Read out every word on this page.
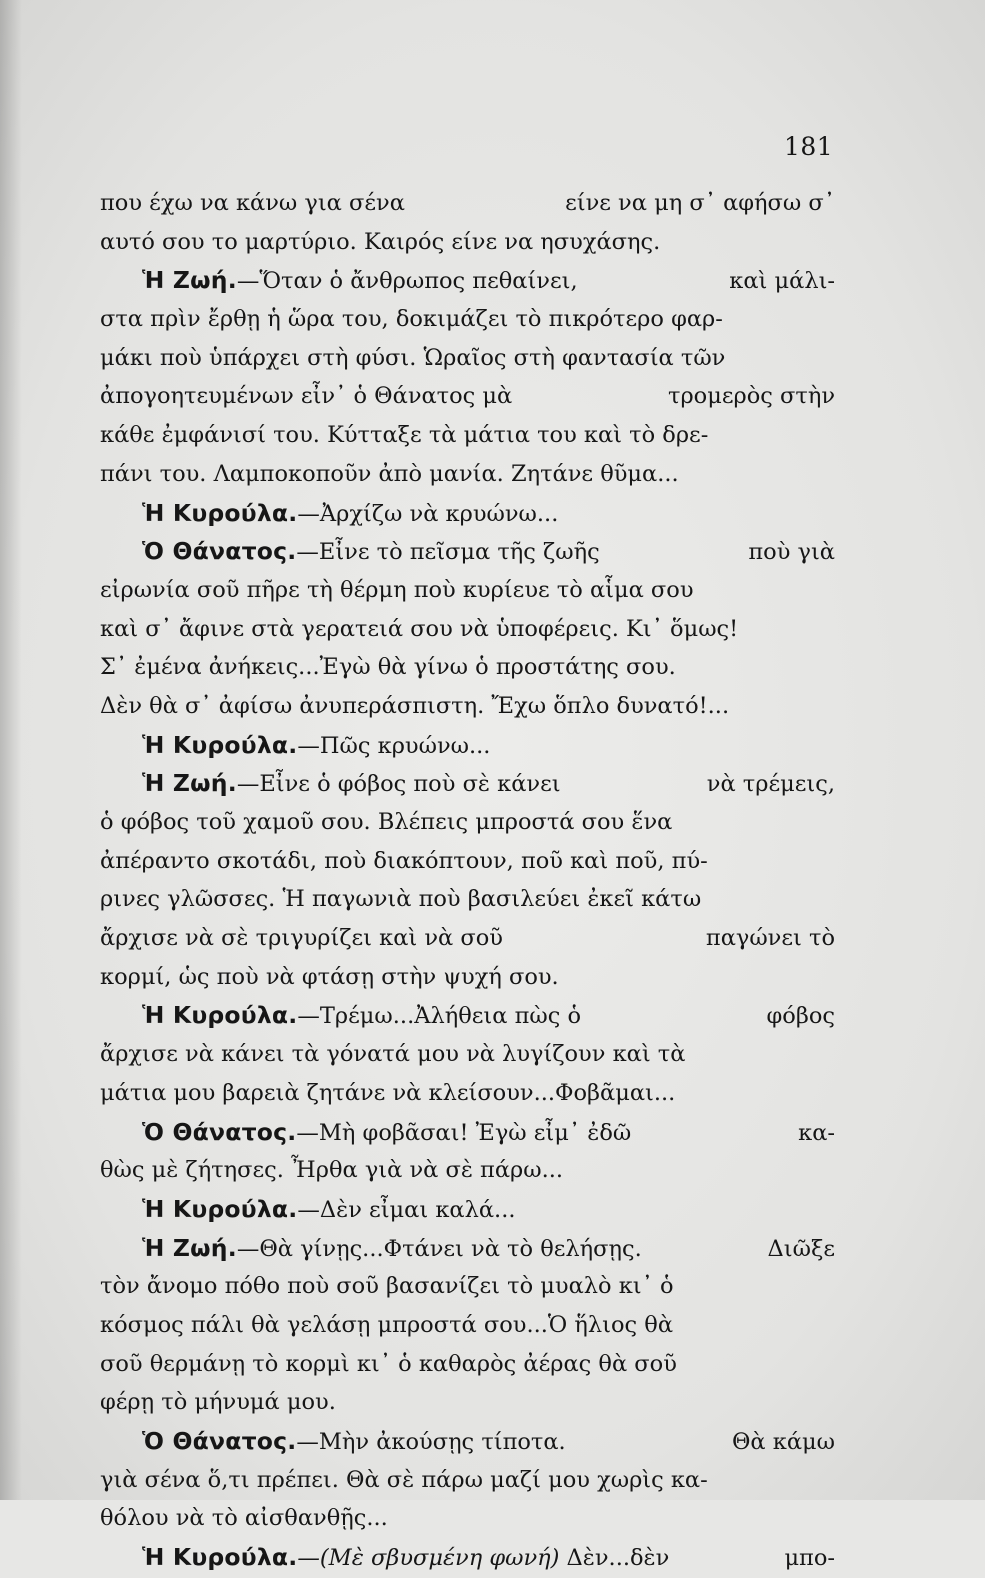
181
που έχω να κάνω για σένα	είνε να μη σ᾽ αφήσω σ᾽
αυτό σου το μαρτύριο. Καιρός είνε να ησυχάσης.
Ἡ Ζωή.—Ὅταν ὁ ἄνθρωπος πεθαίνει,	καὶ μάλι-
στα πρὶν ἔρθῃ ἡ ὥρα του, δοκιμάζει τὸ πικρότερο φαρ-
μάκι ποὺ ὑπάρχει στὴ φύσι. Ὡραῖος στὴ φαντασία τῶν
ἀπογοητευμένων εἶν᾽ ὁ Θάνατος μὰ	τρομερὸς στὴν
κάθε ἐμφάνισί του. Κύτταξε τὰ μάτια του καὶ τὸ δρε-
πάνι του. Λαμποκοποῦν ἀπὸ μανία. Ζητάνε θῦμα...
Ἡ Κυρούλα.—Ἀρχίζω νὰ κρυώνω...
Ὁ Θάνατος.—Εἶνε τὸ πεῖσμα τῆς ζωῆς	ποὺ γιὰ
εἰρωνία σοῦ πῆρε τὴ θέρμη ποὺ κυρίευε τὸ αἷμα σου
καὶ σ᾽ ἄφινε στὰ γερατειά σου νὰ ὑποφέρεις. Κι᾽ ὅμως!
Σ᾽ ἐμένα ἀνήκεις...Ἐγὼ θὰ γίνω ὁ προστάτης σου.
Δὲν θὰ σ᾽ ἀφίσω ἀνυπεράσπιστη. Ἔχω ὅπλο δυνατό!...
Ἡ Κυρούλα.—Πῶς κρυώνω...
Ἡ Ζωή.—Εἶνε ὁ φόβος ποὺ σὲ κάνει	νὰ τρέμεις,
ὁ φόβος τοῦ χαμοῦ σου. Βλέπεις μπροστά σου ἕνα
ἀπέραντο σκοτάδι, ποὺ διακόπτουν, ποῦ καὶ ποῦ, πύ-
ρινες γλῶσσες. Ἡ παγωνιὰ ποὺ βασιλεύει ἐκεῖ κάτω
ἄρχισε νὰ σὲ τριγυρίζει καὶ νὰ σοῦ	παγώνει τὸ
κορμί, ὡς ποὺ νὰ φτάσῃ στὴν ψυχή σου.
Ἡ Κυρούλα.—Τρέμω...Ἀλήθεια πὼς ὁ	φόβος
ἄρχισε νὰ κάνει τὰ γόνατά μου νὰ λυγίζουν καὶ τὰ
μάτια μου βαρειὰ ζητάνε νὰ κλείσουν...Φοβᾶμαι...
Ὁ Θάνατος.—Μὴ φοβᾶσαι! Ἐγὼ εἶμ᾽ ἐδῶ	κα-
θὼς μὲ ζήτησες. Ἦρθα γιὰ νὰ σὲ πάρω...
Ἡ Κυρούλα.—Δὲν εἶμαι καλά...
Ἡ Ζωή.—Θὰ γίνῃς...Φτάνει νὰ τὸ θελήσῃς.	Διῶξε
τὸν ἄνομο πόθο ποὺ σοῦ βασανίζει τὸ μυαλὸ κι᾽ ὁ
κόσμος πάλι θὰ γελάσῃ μπροστά σου...Ὁ ἥλιος θὰ
σοῦ θερμάνῃ τὸ κορμὶ κι᾽ ὁ καθαρὸς ἀέρας θὰ σοῦ
φέρῃ τὸ μήνυμά μου.
Ὁ Θάνατος.—Μὴν ἀκούσῃς τίποτα.	Θὰ κάμω
γιὰ σένα ὅ,τι πρέπει. Θὰ σὲ πάρω μαζί μου χωρὶς κα-
θόλου νὰ τὸ αἰσθανθῇς...
Ἡ Κυρούλα.—(Μὲ σβυσμένη φωνή) Δὲν...δὲν	μπο-
